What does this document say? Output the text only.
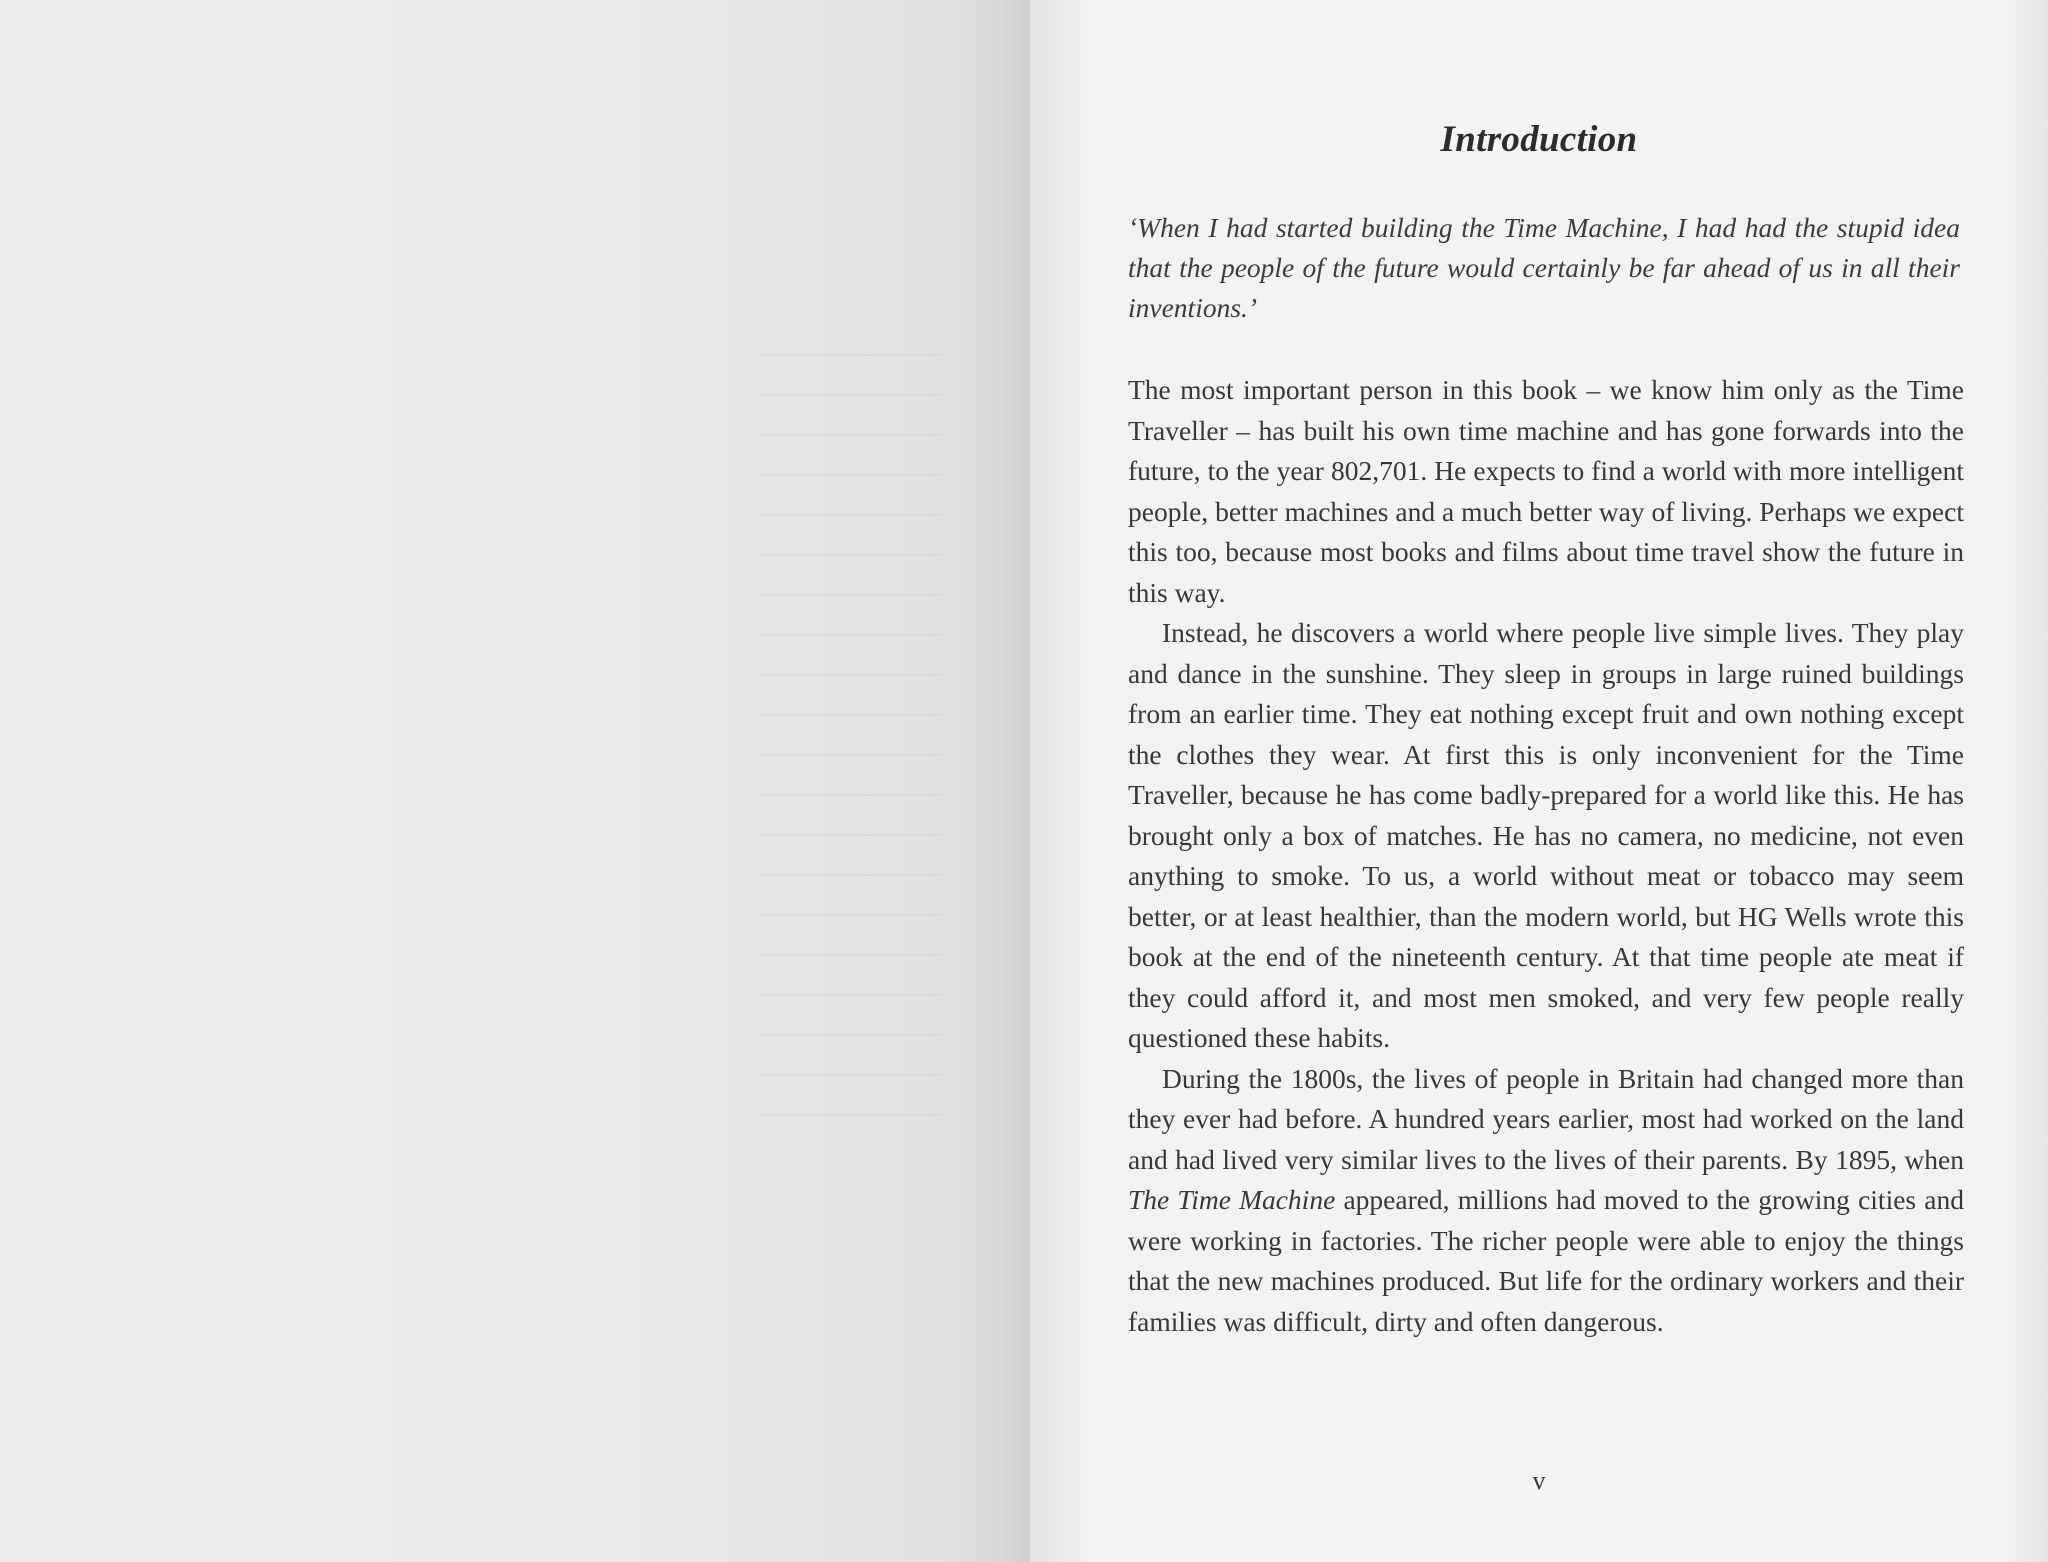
Introduction
‘When I had started building the Time Machine, I had had the stupid idea that the people of the future would certainly be far ahead of us in all their inventions.’

The most important person in this book – we know him only as the Time Traveller – has built his own time machine and has gone forwards into the future, to the year 802,701. He expects to find a world with more intelligent people, better machines and a much better way of living. Perhaps we expect this too, because most books and films about time travel show the future in this way.

Instead, he discovers a world where people live simple lives. They play and dance in the sunshine. They sleep in groups in large ruined buildings from an earlier time. They eat nothing except fruit and own nothing except the clothes they wear. At first this is only inconvenient for the Time Traveller, because he has come badly-prepared for a world like this. He has brought only a box of matches. He has no camera, no medicine, not even anything to smoke. To us, a world without meat or tobacco may seem better, or at least healthier, than the modern world, but HG Wells wrote this book at the end of the nineteenth century. At that time people ate meat if they could afford it, and most men smoked, and very few people really questioned these habits.

During the 1800s, the lives of people in Britain had changed more than they ever had before. A hundred years earlier, most had worked on the land and had lived very similar lives to the lives of their parents. By 1895, when The Time Machine appeared, millions had moved to the growing cities and were working in factories. The richer people were able to enjoy the things that the new machines produced. But life for the ordinary workers and their families was difficult, dirty and often dangerous.

v
